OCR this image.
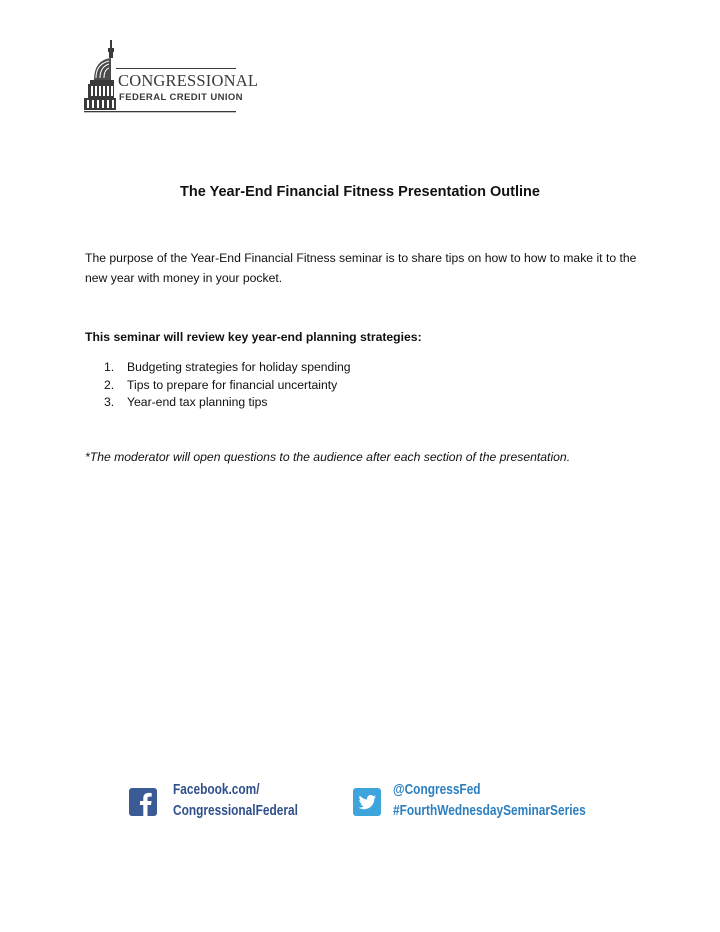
CONGRESSIONAL
FEDERAL CREDIT UNION
The Year-End Financial Fitness Presentation Outline
The purpose of the Year-End Financial Fitness seminar is to share tips on how to how to make it to the new year with money in your pocket.
This seminar will review key year-end planning strategies:
1.	Budgeting strategies for holiday spending
2.	Tips to prepare for financial uncertainty
3.	Year-end tax planning tips
*The moderator will open questions to the audience after each section of the presentation.
Facebook.com/
CongressionalFederal
@CongressFed
#FourthWednesdaySeminarSeries
